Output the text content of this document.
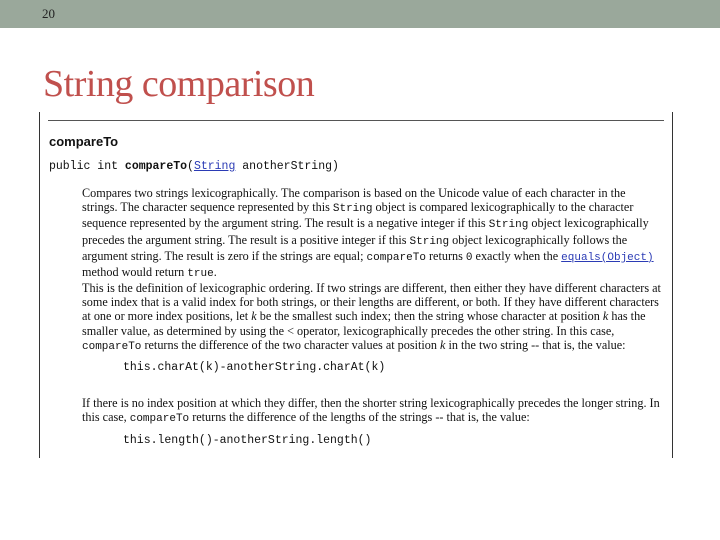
20
String comparison
compareTo
public int compareTo(String anotherString)

Compares two strings lexicographically. The comparison is based on the Unicode value of each character in the strings. The character sequence represented by this String object is compared lexicographically to the character sequence represented by the argument string. The result is a negative integer if this String object lexicographically precedes the argument string. The result is a positive integer if this String object lexicographically follows the argument string. The result is zero if the strings are equal; compareTo returns 0 exactly when the equals(Object) method would return true.

This is the definition of lexicographic ordering. If two strings are different, then either they have different characters at some index that is a valid index for both strings, or their lengths are different, or both. If they have different characters at one or more index positions, let k be the smallest such index; then the string whose character at position k has the smaller value, as determined by using the < operator, lexicographically precedes the other string. In this case, compareTo returns the difference of the two character values at position k in the two string -- that is, the value:

this.charAt(k)-anotherString.charAt(k)

If there is no index position at which they differ, then the shorter string lexicographically precedes the longer string. In this case, compareTo returns the difference of the lengths of the strings -- that is, the value:

this.length()-anotherString.length()
